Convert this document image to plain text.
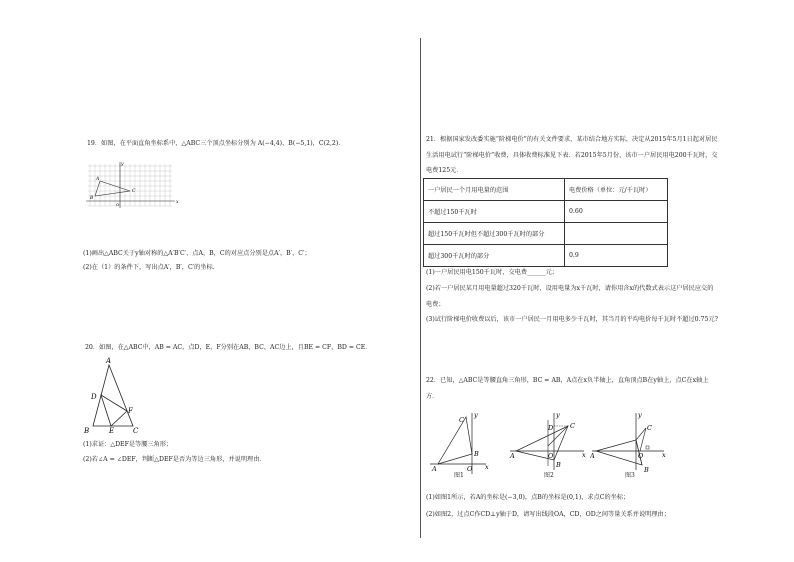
19．如图，在平面直角坐标系中，△ABC三个顶点坐标分别为 A(−4,4)，B(−5,1)，C(2,2)．
A
B
C
x
y
O
(1)画出△ABC关于y轴对称的△A′B′C′，点A，B，C的对应点分别是点A′，B′，C′；
(2)在（1）的条件下，写出点A′，B′，C′的坐标．
20．如图，在△ABC中，AB = AC，点D，E，F分别在AB，BC，AC边上，且BE = CF，BD = CE．
A
B	C
D
E
F
(1)求证：△DEF是等腰三角形；
(2)若∠A = ∠DEF，判断△DEF是否为等边三角形，并说明理由．
21．根据国家发改委实施“阶梯电价”的有关文件要求，某市结合地方实际，决定从2015年5月1日起对居民
生活用电试行“阶梯电价”收费，具体收费标准见下表．若2015年5月份，该市一户居民用电200千瓦时，交
电费125元．
一户居民一个月用电量的范围	电费价格（单位：元/千瓦时）
不超过150千瓦时	0.60
超过150千瓦时但不超过300千瓦时的部分	
超过300千瓦时的部分	0.9
(1)一户居民用电150千瓦时，交电费______元；
(2)若一户居民某月用电量超过320千瓦时，设用电量为x千瓦时，请你用含x的代数式表示这户居民应交的
电费；
(3)试行阶梯电价收费以后，该市一户居民一月用电多少千瓦时，其当月的平均电价每千瓦时不超过0.75元?
22．已知，△ABC是等腰直角三角形，BC = AB，A点在x负半轴上，直角顶点B在y轴上，点C在x轴上
方．
A
B
C
O x
y
图1
A
B
C
D
O	x
y
图2
A
B
C
O	x
y
图3
(1)如图1所示，若A的坐标是(−3,0)，点B的坐标是(0,1)，求点C的坐标；
(2)如图2，过点C作CD⊥y轴于D，请写出线段OA，CD，OD之间等量关系并说明理由；
